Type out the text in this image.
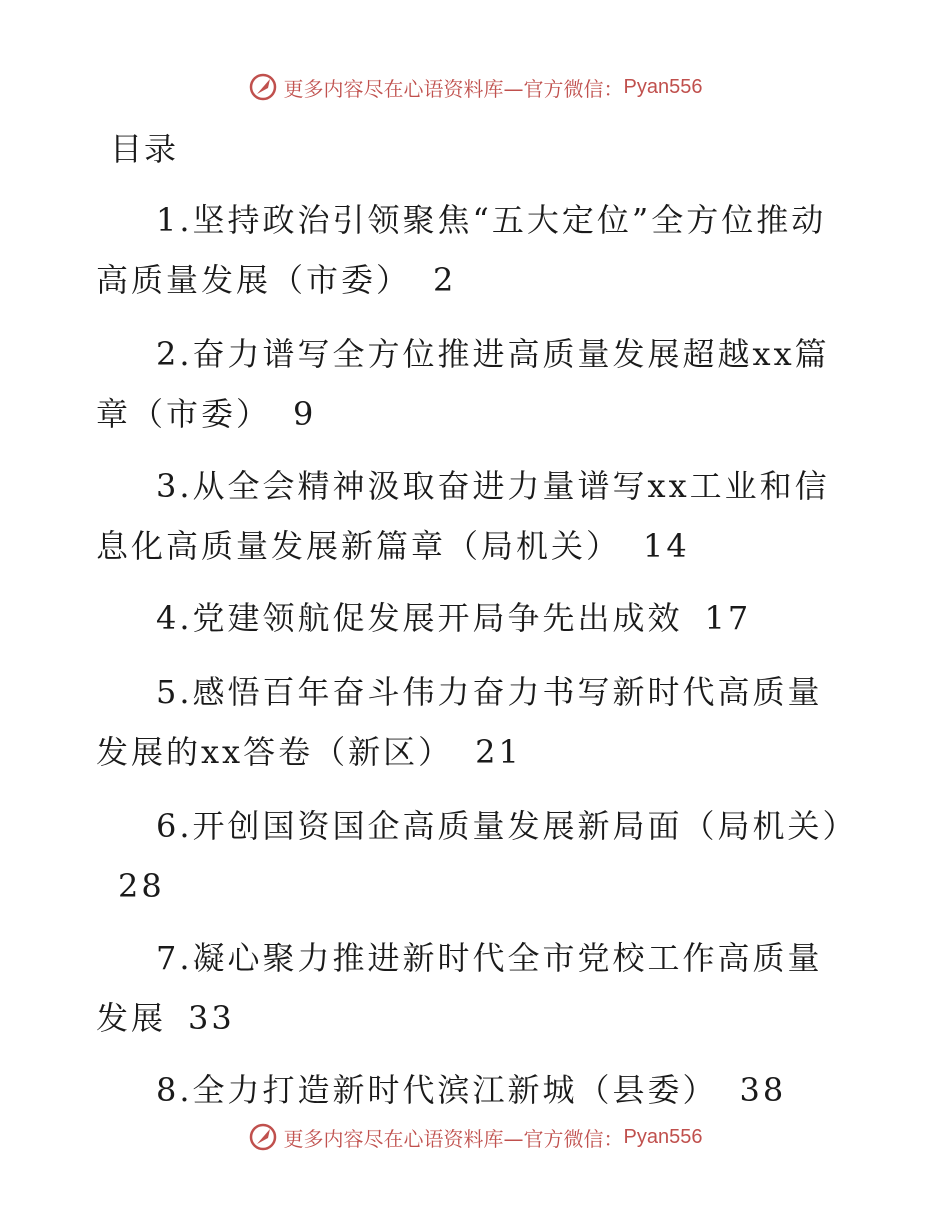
更多内容尽在心语资料库—官方微信： Pyan556
目录
1.坚持政治引领聚焦“五大定位”全方位推动高质量发展（市委） 2
2.奋力谱写全方位推进高质量发展超越xx篇章（市委） 9
3.从全会精神汲取奋进力量谱写xx工业和信息化高质量发展新篇章（局机关） 14
4.党建领航促发展开局争先出成效 17
5.感悟百年奋斗伟力奋力书写新时代高质量发展的xx答卷（新区） 21
6.开创国资国企高质量发展新局面（局机关）28
7.凝心聚力推进新时代全市党校工作高质量发展 33
8.全力打造新时代滨江新城（县委） 38
更多内容尽在心语资料库—官方微信： Pyan556
